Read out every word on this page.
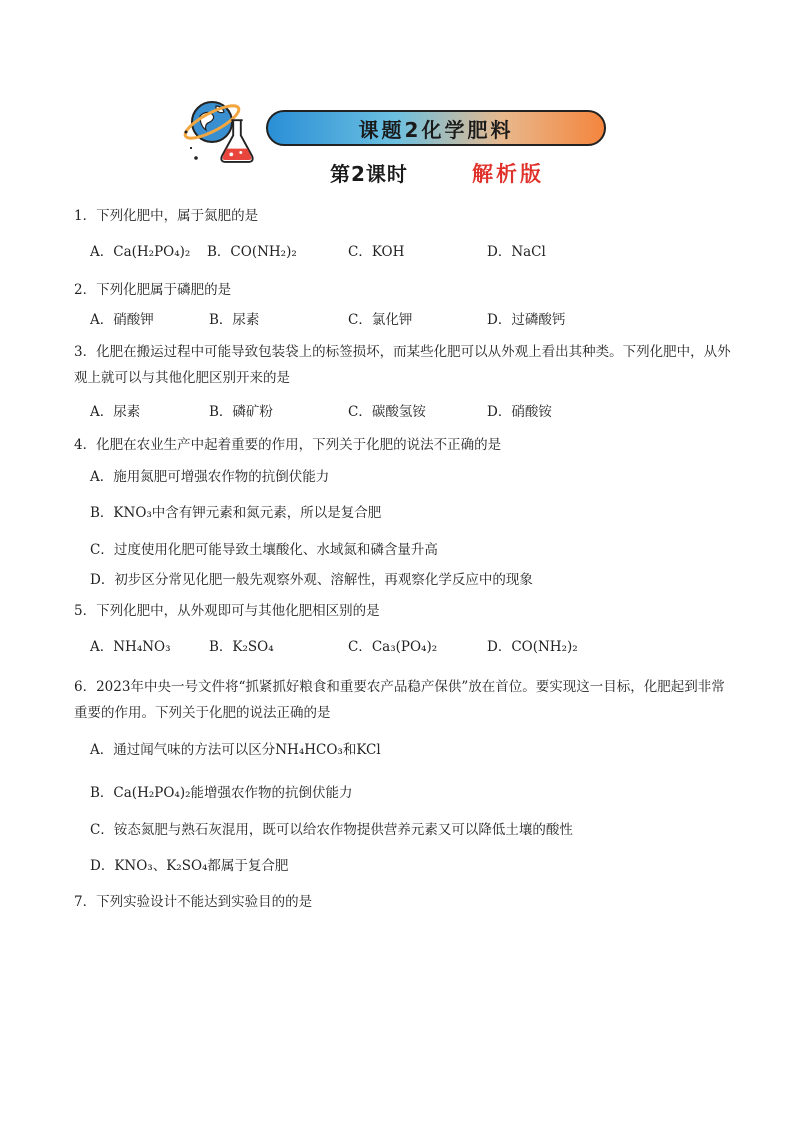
课题2化学肥料
第2课时	解析版
1．下列化肥中，属于氮肥的是
A．Ca(H₂PO₄)₂ B．CO(NH₂)₂	C．KOH	D．NaCl
2．下列化肥属于磷肥的是
A．硝酸钾	B．尿素	C．氯化钾	D．过磷酸钙
3．化肥在搬运过程中可能导致包装袋上的标签损坏，而某些化肥可以从外观上看出其种类。下列化肥中，从外观上就可以与其他化肥区别开来的是
A．尿素	B．磷矿粉	C．碳酸氢铵	D．硝酸铵
4．化肥在农业生产中起着重要的作用，下列关于化肥的说法不正确的是
A．施用氮肥可增强农作物的抗倒伏能力
B．KNO₃中含有钾元素和氮元素，所以是复合肥
C．过度使用化肥可能导致土壤酸化、水域氮和磷含量升高
D．初步区分常见化肥一般先观察外观、溶解性，再观察化学反应中的现象
5．下列化肥中，从外观即可与其他化肥相区别的是
A．NH₄NO₃	B．K₂SO₄	C．Ca₃(PO₄)₂	D．CO(NH₂)₂
6．2023年中央一号文件将“抓紧抓好粮食和重要农产品稳产保供”放在首位。要实现这一目标，化肥起到非常重要的作用。下列关于化肥的说法正确的是
A．通过闻气味的方法可以区分NH₄HCO₃和KCl
B．Ca(H₂PO₄)₂能增强农作物的抗倒伏能力
C．铵态氮肥与熟石灰混用，既可以给农作物提供营养元素又可以降低土壤的酸性
D．KNO₃、K₂SO₄都属于复合肥
7．下列实验设计不能达到实验目的的是
